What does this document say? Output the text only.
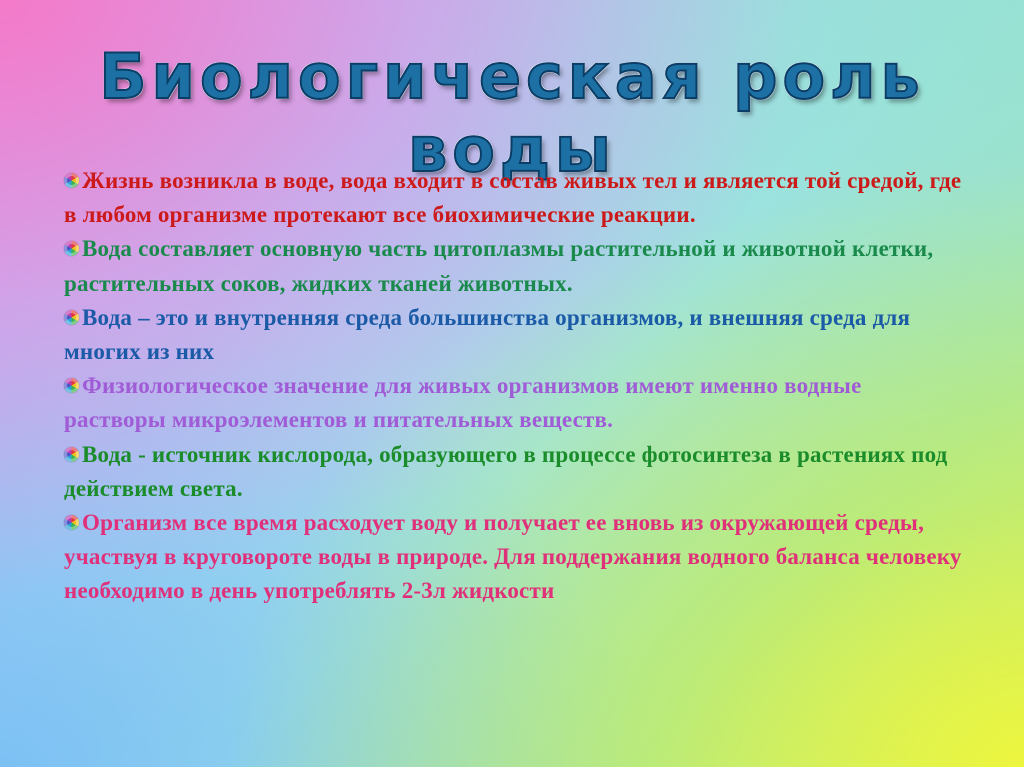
Биологическая роль воды

Жизнь возникла в воде, вода входит в состав живых тел и является той средой, где в любом организме протекают все биохимические реакции.

Вода составляет основную часть цитоплазмы растительной и животной клетки, растительных соков, жидких тканей животных.

Вода – это и внутренняя среда большинства организмов, и внешняя среда для многих из них

Физиологическое значение для живых организмов имеют именно водные растворы микроэлементов и питательных веществ.

Вода - источник кислорода, образующего в процессе фотосинтеза в растениях под действием света.

Организм все время расходует воду и получает ее вновь из окружающей среды, участвуя в круговороте воды в природе. Для поддержания водного баланса человеку необходимо в день употреблять 2-3л жидкости
